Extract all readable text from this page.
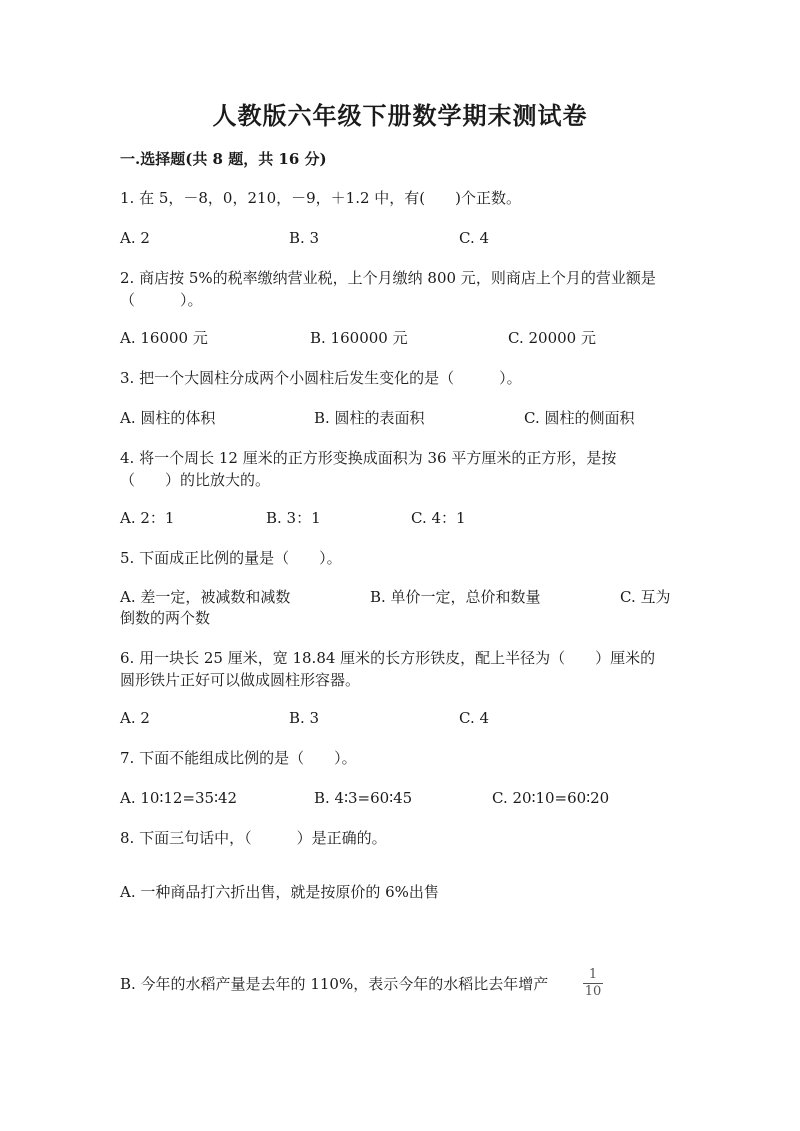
人教版六年级下册数学期末测试卷
一.选择题(共 8 题，共 16 分)
1. 在 5，－8，0，210，－9，＋1.2 中，有(　　)个正数。
A. 2	B. 3	C. 4
2. 商店按 5%的税率缴纳营业税，上个月缴纳 800 元，则商店上个月的营业额是
（　　　）。
A. 16000 元	B. 160000 元	C. 20000 元
3. 把一个大圆柱分成两个小圆柱后发生变化的是（　　　）。
A. 圆柱的体积	B. 圆柱的表面积	C. 圆柱的侧面积
4. 将一个周长 12 厘米的正方形变换成面积为 36 平方厘米的正方形，是按
（　　）的比放大的。
A. 2：1	B. 3：1	C. 4：1
5. 下面成正比例的量是（　　）。
A. 差一定，被减数和减数	B. 单价一定，总价和数量	C. 互为
倒数的两个数
6. 用一块长 25 厘米，宽 18.84 厘米的长方形铁皮，配上半径为（　　）厘米的
圆形铁片正好可以做成圆柱形容器。
A. 2	B. 3	C. 4
7. 下面不能组成比例的是（　　）。
A. 10∶12=35∶42	B. 4∶3=60∶45	C. 20∶10=60∶20
8. 下面三句话中，（　　　）是正确的。
A. 一种商品打六折出售，就是按原价的 6%出售
B. 今年的水稻产量是去年的 110%，表示今年的水稻比去年增产
1
10
